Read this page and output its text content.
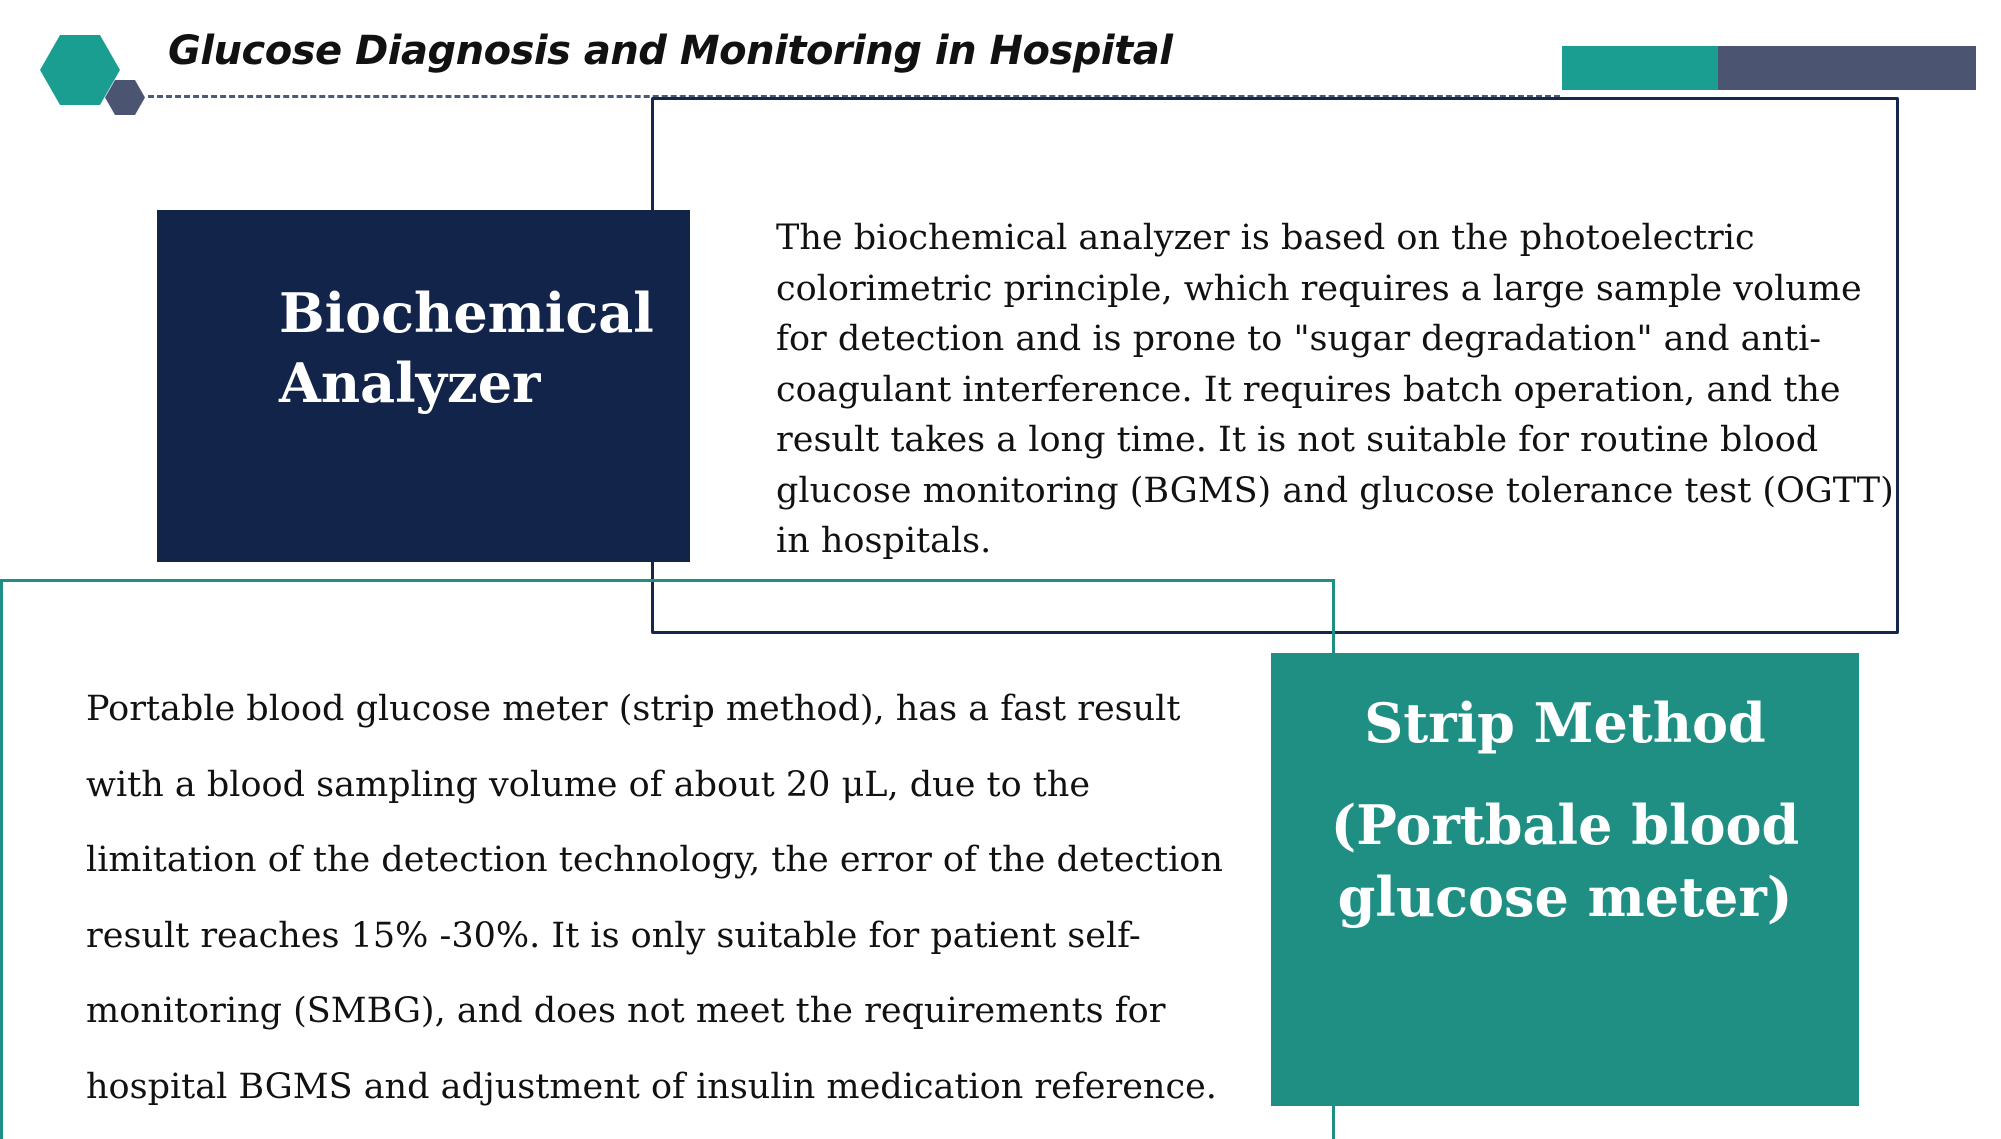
Glucose Diagnosis and Monitoring in Hospital
Biochemical
Analyzer

The biochemical analyzer is based on the photoelectric colorimetric principle, which requires a large sample volume for detection and is prone to "sugar degradation" and anti-coagulant interference. It requires batch operation, and the result takes a long time. It is not suitable for routine blood glucose monitoring (BGMS) and glucose tolerance test (OGTT) in hospitals.

Strip Method
(Portbale blood glucose meter)

Portable blood glucose meter (strip method), has a fast result with a blood sampling volume of about 20 μL, due to the limitation of the detection technology, the error of the detection result reaches 15% -30%. It is only suitable for patient self-monitoring (SMBG), and does not meet the requirements for hospital BGMS and adjustment of insulin medication reference.
